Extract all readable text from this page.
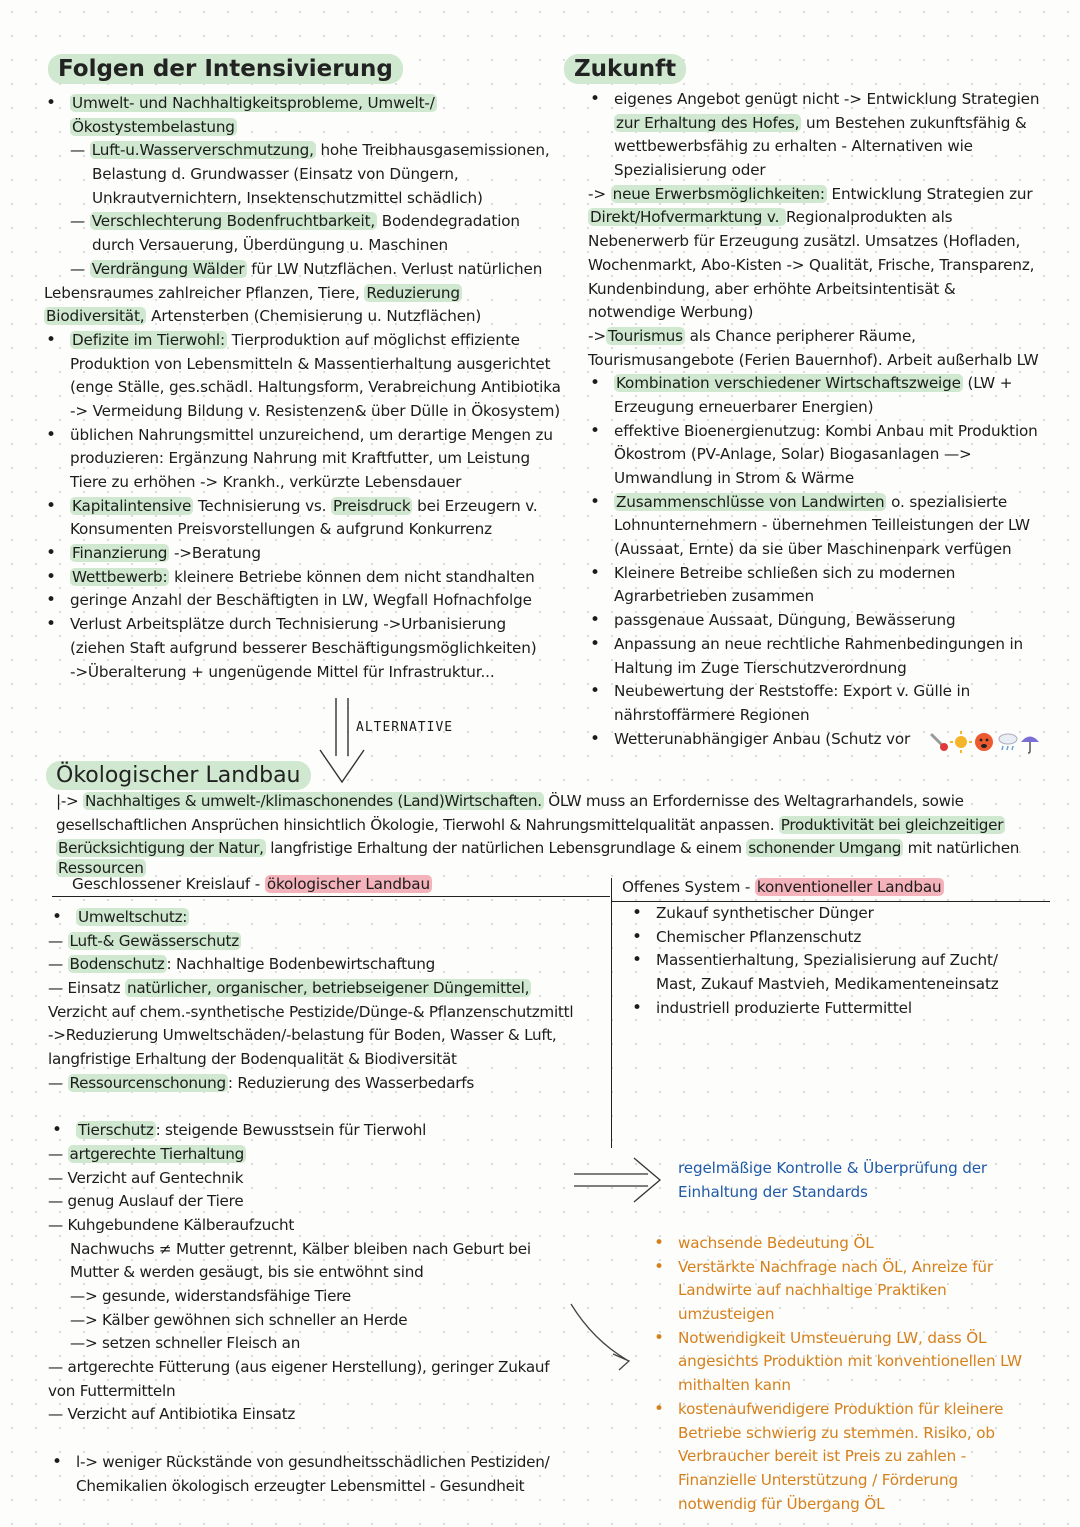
Folgen der Intensivierung
• Umwelt- und Nachhaltigkeitsprobleme, Umwelt-/
Ökostystembelastung
— Luft-u.Wasserverschmutzung, hohe Treibhausgasemissionen,
Belastung d. Grundwasser (Einsatz von Düngern,
Unkrautvernichtern, Insektenschutzmittel schädlich)
— Verschlechterung Bodenfruchtbarkeit, Bodendegradation
durch Versauerung, Überdüngung u. Maschinen
— Verdrängung Wälder für LW Nutzflächen. Verlust natürlichen
Lebensraumes zahlreicher Pflanzen, Tiere, Reduzierung
Biodiversität, Artensterben (Chemisierung u. Nutzflächen)
• Defizite im Tierwohl: Tierproduktion auf möglichst effiziente
Produktion von Lebensmitteln & Massentierhaltung ausgerichtet
(enge Ställe, ges.schädl. Haltungsform, Verabreichung Antibiotika
-> Vermeidung Bildung v. Resistenzen& über Dülle in Ökosystem)
• üblichen Nahrungsmittel unzureichend, um derartige Mengen zu
produzieren: Ergänzung Nahrung mit Kraftfutter, um Leistung
Tiere zu erhöhen -> Krankh., verkürzte Lebensdauer
• Kapitalintensive Technisierung vs. Preisdruck bei Erzeugern v.
Konsumenten Preisvorstellungen & aufgrund Konkurrenz
• Finanzierung ->Beratung
• Wettbewerb: kleinere Betriebe können dem nicht standhalten
• geringe Anzahl der Beschäftigten in LW, Wegfall Hofnachfolge
• Verlust Arbeitsplätze durch Technisierung ->Urbanisierung
(ziehen Staft aufgrund besserer Beschäftigungsmöglichkeiten)
->Überalterung + ungenügende Mittel für Infrastruktur...
Zukunft
• eigenes Angebot genügt nicht -> Entwicklung Strategien
zur Erhaltung des Hofes, um Bestehen zukunftsfähig &
wettbewerbsfähig zu erhalten - Alternativen wie
Spezialisierung oder
-> neue Erwerbsmöglichkeiten: Entwicklung Strategien zur
Direkt/Hofvermarktung v. Regionalprodukten als
Nebenerwerb für Erzeugung zusätzl. Umsatzes (Hofladen,
Wochenmarkt, Abo-Kisten -> Qualität, Frische, Transparenz,
Kundenbindung, aber erhöhte Arbeitsintentisät &
notwendige Werbung)
-> Tourismus als Chance peripherer Räume,
Tourismusangebote (Ferien Bauernhof). Arbeit außerhalb LW
• Kombination verschiedener Wirtschaftszweige (LW +
Erzeugung erneuerbarer Energien)
• effektive Bioenergienutzug: Kombi Anbau mit Produktion
Ökostrom (PV-Anlage, Solar) Biogasanlagen —>
Umwandlung in Strom & Wärme
• Zusammenschlüsse von Landwirten o. spezialisierte
Lohnunternehmern - übernehmen Teilleistungen der LW
(Aussaat, Ernte) da sie über Maschinenpark verfügen
• Kleinere Betreibe schließen sich zu modernen
Agrarbetrieben zusammen
• passgenaue Aussaat, Düngung, Bewässerung
• Anpassung an neue rechtliche Rahmenbedingungen in
Haltung im Zuge Tierschutzverordnung
• Neubewertung der Reststoffe: Export v. Gülle in
nährstoffärmere Regionen
• Wetterunabhängiger Anbau (Schutz vor
ALTERNATIVE
Ökologischer Landbau
|-> Nachhaltiges & umwelt-/klimaschonendes (Land)Wirtschaften. ÖLW muss an Erfordernisse des Weltagrarhandels, sowie
gesellschaftlichen Ansprüchen hinsichtlich Ökologie, Tierwohl & Nahrungsmittelqualität anpassen. Produktivität bei gleichzeitiger
Berücksichtigung der Natur, langfristige Erhaltung der natürlichen Lebensgrundlage & einem schonender Umgang mit natürlichen
Ressourcen
Geschlossener Kreislauf - ökologischer Landbau	Offenes System - konventioneller Landbau
• Umweltschutz:
— Luft-& Gewässerschutz
— Bodenschutz : Nachhaltige Bodenbewirtschaftung
— Einsatz natürlicher, organischer, betriebseigener Düngemittel,
Verzicht auf chem.-synthetische Pestizide/Dünge-& Pflanzenschutzmittl
->Reduzierung Umweltschäden/-belastung für Boden, Wasser & Luft,
langfristige Erhaltung der Bodenqualität & Biodiversität
— Ressourcenschonung : Reduzierung des Wasserbedarfs
• Tierschutz : steigende Bewusstsein für Tierwohl
— artgerechte Tierhaltung
— Verzicht auf Gentechnik
— genug Auslauf der Tiere
— Kuhgebundene Kälberaufzucht
Nachwuchs ≠ Mutter getrennt, Kälber bleiben nach Geburt bei
Mutter & werden gesäugt, bis sie entwöhnt sind
—> gesunde, widerstandsfähige Tiere
—> Kälber gewöhnen sich schneller an Herde
—> setzen schneller Fleisch an
— artgerechte Fütterung (aus eigener Herstellung), geringer Zukauf
von Futtermitteln
— Verzicht auf Antibiotika Einsatz
• l-> weniger Rückstände von gesundheitsschädlichen Pestiziden/
Chemikalien ökologisch erzeugter Lebensmittel - Gesundheit
• Zukauf synthetischer Dünger
• Chemischer Pflanzenschutz
• Massentierhaltung, Spezialisierung auf Zucht/
Mast, Zukauf Mastvieh, Medikamenteneinsatz
• industriell produzierte Futtermittel
regelmäßige Kontrolle & Überprüfung der
Einhaltung der Standards
• wachsende Bedeutung ÖL
• Verstärkte Nachfrage nach ÖL, Anreize für
Landwirte auf nachhaltige Praktiken
umzusteigen
• Notwendigkeit Umsteuerung LW, dass ÖL
angesichts Produktion mit konventionellen LW
mithalten kann
• kostenaufwendigere Produktion für kleinere
Betriebe schwierig zu stemmen. Risiko, ob
Verbraucher bereit ist Preis zu zahlen -
Finanzielle Unterstützung / Förderung
notwendig für Übergang ÖL
